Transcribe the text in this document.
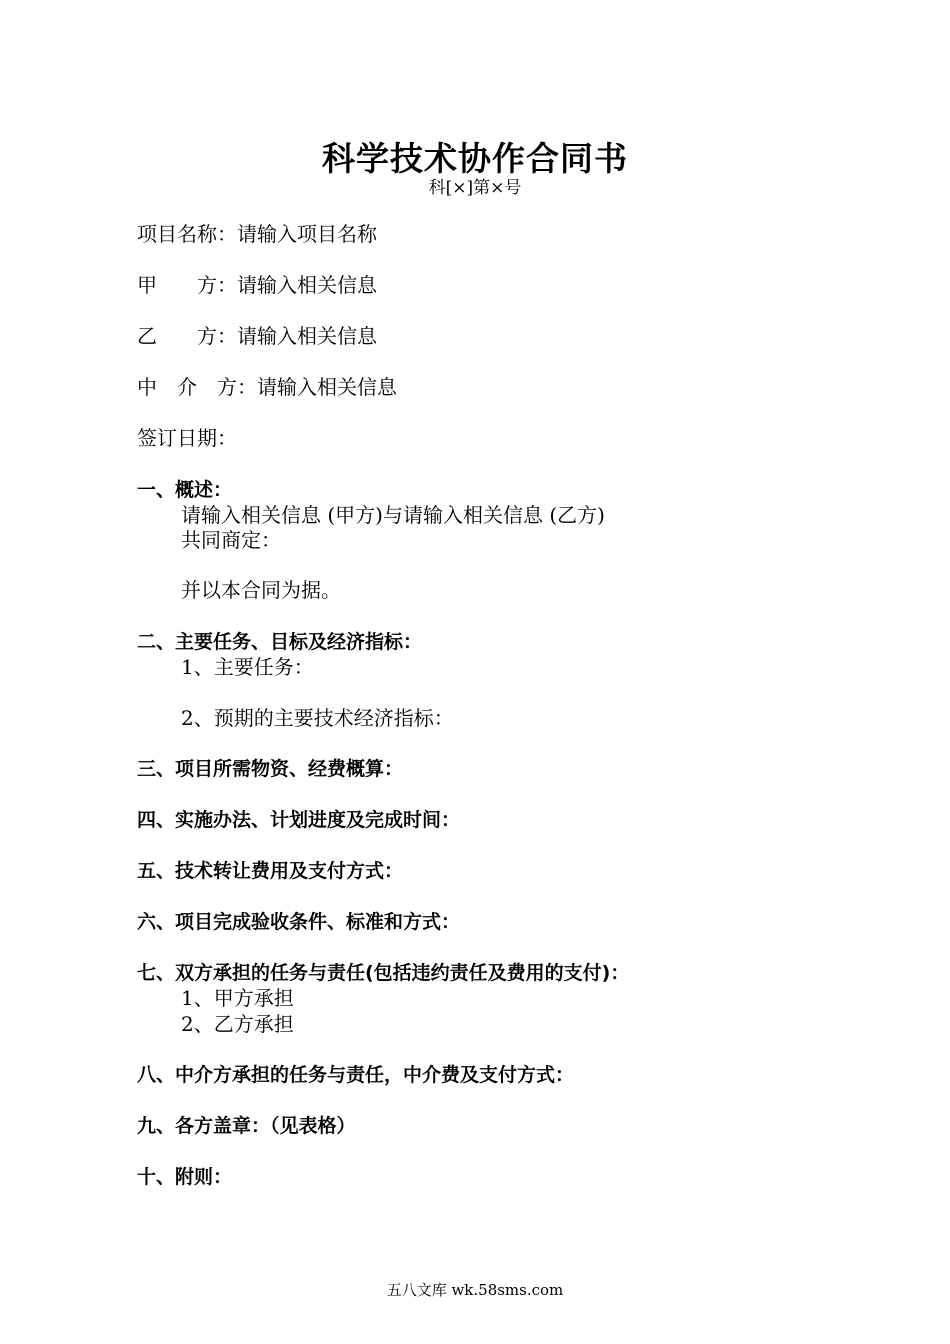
科学技术协作合同书
科[×]第×号
项目名称：请输入项目名称
甲　　方：请输入相关信息
乙　　方：请输入相关信息
中　介　方：请输入相关信息
签订日期：
一、概述：
请输入相关信息 (甲方)与请输入相关信息 (乙方)
共同商定：
并以本合同为据。
二、主要任务、目标及经济指标：
1、主要任务：
2、预期的主要技术经济指标：
三、项目所需物资、经费概算：
四、实施办法、计划进度及完成时间：
五、技术转让费用及支付方式：
六、项目完成验收条件、标准和方式：
七、双方承担的任务与责任(包括违约责任及费用的支付)：
1、甲方承担
2、乙方承担
八、中介方承担的任务与责任，中介费及支付方式：
九、各方盖章：（见表格）
十、附则：
五八文库 wk.58sms.com
